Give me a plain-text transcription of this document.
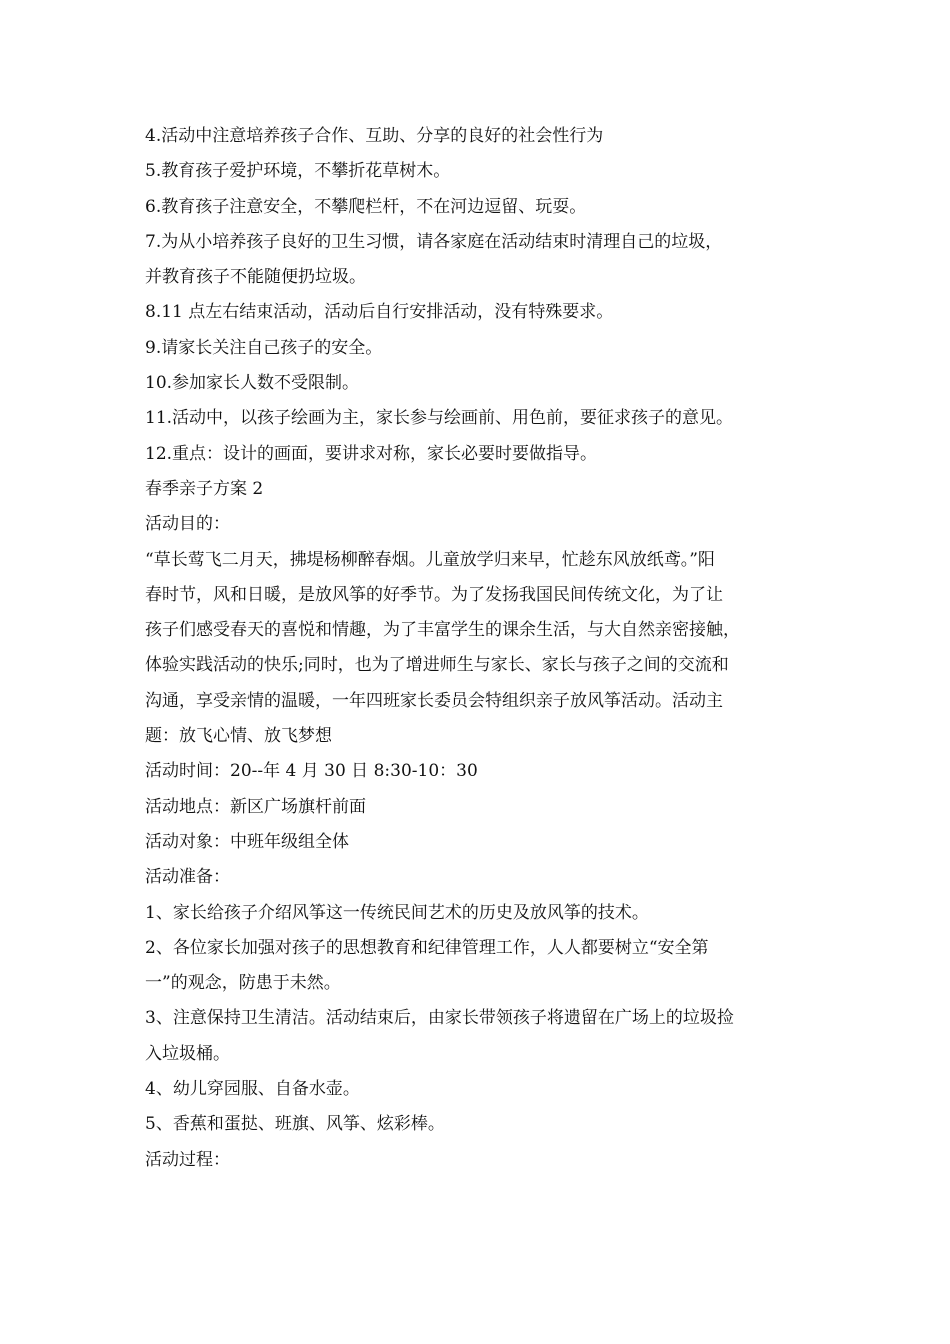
4.活动中注意培养孩子合作、互助、分享的良好的社会性行为
5.教育孩子爱护环境，不攀折花草树木。
6.教育孩子注意安全，不攀爬栏杆，不在河边逗留、玩耍。
7.为从小培养孩子良好的卫生习惯，请各家庭在活动结束时清理自己的垃圾，
并教育孩子不能随便扔垃圾。
8.11 点左右结束活动，活动后自行安排活动，没有特殊要求。
9.请家长关注自己孩子的安全。
10.参加家长人数不受限制。
11.活动中，以孩子绘画为主，家长参与绘画前、用色前，要征求孩子的意见。
12.重点：设计的画面，要讲求对称，家长必要时要做指导。
春季亲子方案 2
活动目的：
“草长莺飞二月天，拂堤杨柳醉春烟。儿童放学归来早，忙趁东风放纸鸢。”阳
春时节，风和日暖，是放风筝的好季节。为了发扬我国民间传统文化，为了让
孩子们感受春天的喜悦和情趣，为了丰富学生的课余生活，与大自然亲密接触，
体验实践活动的快乐;同时，也为了增进师生与家长、家长与孩子之间的交流和
沟通，享受亲情的温暖，一年四班家长委员会特组织亲子放风筝活动。活动主
题：放飞心情、放飞梦想
活动时间：20--年 4 月 30 日 8:30-10：30
活动地点：新区广场旗杆前面
活动对象：中班年级组全体
活动准备：
1、家长给孩子介绍风筝这一传统民间艺术的历史及放风筝的技术。
2、各位家长加强对孩子的思想教育和纪律管理工作，人人都要树立“安全第
一”的观念，防患于未然。
3、注意保持卫生清洁。活动结束后，由家长带领孩子将遗留在广场上的垃圾捡
入垃圾桶。
4、幼儿穿园服、自备水壶。
5、香蕉和蛋挞、班旗、风筝、炫彩棒。
活动过程：
